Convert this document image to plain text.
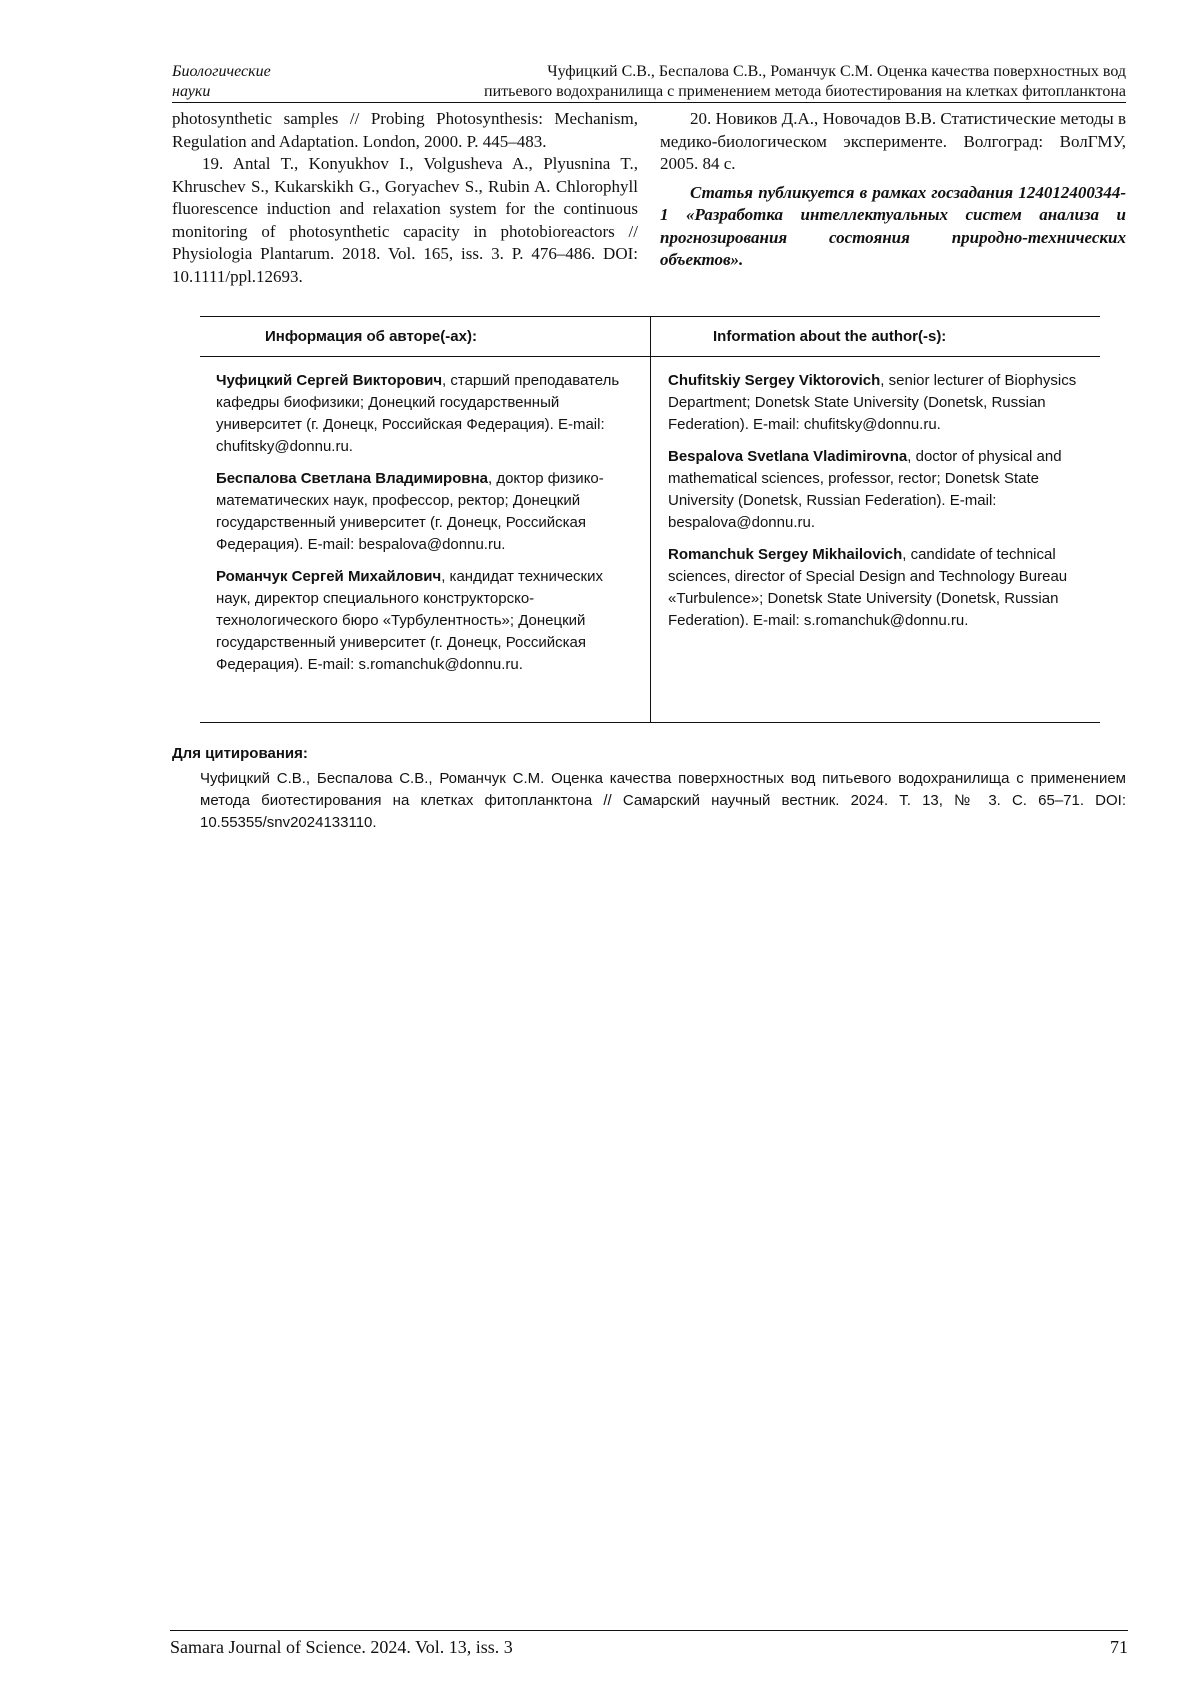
Биологические науки
Чуфицкий С.В., Беспалова С.В., Романчук С.М. Оценка качества поверхностных вод
питьевого водохранилища с применением метода биотестирования на клетках фитопланктона

photosynthetic samples // Probing Photosynthesis: Mechanism, Regulation and Adaptation. London, 2000. P. 445–483.

19. Antal T., Konyukhov I., Volgusheva A., Plyusnina T., Khruschev S., Kukarskikh G., Goryachev S., Rubin A. Chlorophyll fluorescence induction and relaxation system for the continuous monitoring of photosynthetic capacity in photobioreactors // Physiologia Plantarum. 2018. Vol. 165, iss. 3. P. 476–486. DOI: 10.1111/ppl.12693.

20. Новиков Д.А., Новочадов В.В. Статистические методы в медико-биологическом эксперименте. Волгоград: ВолГМУ, 2005. 84 с.

Статья публикуется в рамках госзадания 124012400344-1 «Разработка интеллектуальных систем анализа и прогнозирования состояния природно-технических объектов».

Информация об авторе(-ах):	Information about the author(-s):

Чуфицкий Сергей Викторович, старший преподаватель кафедры биофизики; Донецкий государственный университет (г. Донецк, Российская Федерация). E-mail: chufitsky@donnu.ru.

Беспалова Светлана Владимировна, доктор физико-математических наук, профессор, ректор; Донецкий государственный университет (г. Донецк, Российская Федерация). E-mail: bespalova@donnu.ru.

Романчук Сергей Михайлович, кандидат технических наук, директор специального конструкторско-технологического бюро «Турбулентность»; Донецкий государственный университет (г. Донецк, Российская Федерация). E-mail: s.romanchuk@donnu.ru.

Chufitskiy Sergey Viktorovich, senior lecturer of Biophysics Department; Donetsk State University (Donetsk, Russian Federation). E-mail: chufitsky@donnu.ru.

Bespalova Svetlana Vladimirovna, doctor of physical and mathematical sciences, professor, rector; Donetsk State University (Donetsk, Russian Federation). E-mail: bespalova@donnu.ru.

Romanchuk Sergey Mikhailovich, candidate of technical sciences, director of Special Design and Technology Bureau «Turbulence»; Donetsk State University (Donetsk, Russian Federation). E-mail: s.romanchuk@donnu.ru.

Для цитирования:
Чуфицкий С.В., Беспалова С.В., Романчук С.М. Оценка качества поверхностных вод питьевого водохранилища с применением метода биотестирования на клетках фитопланктона // Самарский научный вестник. 2024. Т. 13, № 3. С. 65–71. DOI: 10.55355/snv2024133110.
Samara Journal of Science. 2024. Vol. 13, iss. 3	71
